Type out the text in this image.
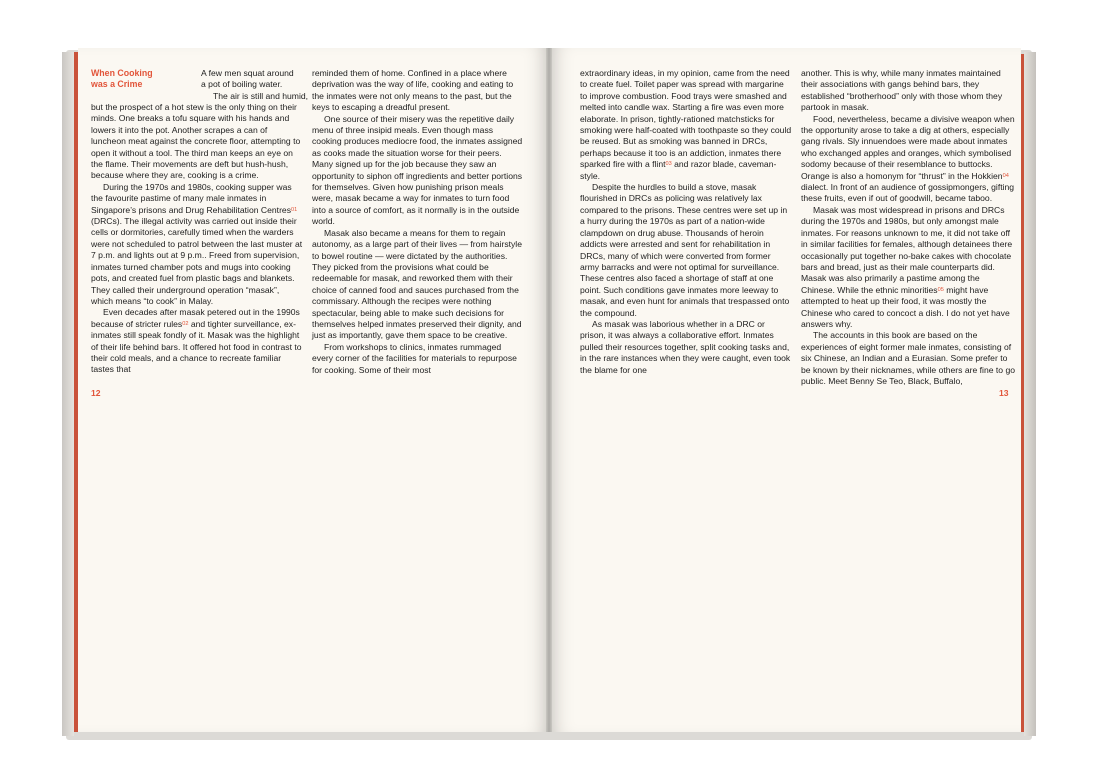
When Cooking
was a Crime
A few men squat around
a pot of boiling water.
The air is still and humid,

but the prospect of a hot stew is the only thing on their minds. One breaks a tofu square with his hands and lowers it into the pot. Another scrapes a can of luncheon meat against the concrete floor, attempting to open it without a tool. The third man keeps an eye on the flame. Their movements are deft but hush-hush, because where they are, cooking is a crime.

During the 1970s and 1980s, cooking supper was the favourite pastime of many male inmates in Singapore’s prisons and Drug Rehabilitation Centres$^{01}$ (DRCs). The illegal activity was carried out inside their cells or dormitories, carefully timed when the warders were not scheduled to patrol between the last muster at 7 p.m. and lights out at 9 p.m.. Freed from supervision, inmates turned chamber pots and mugs into cooking pots, and created fuel from plastic bags and blankets. They called their underground operation “masak”, which means “to cook” in Malay.

Even decades after masak petered out in the 1990s because of stricter rules$^{02}$ and tighter surveillance, ex-inmates still speak fondly of it. Masak was the highlight of their life behind bars. It offered hot food in contrast to their cold meals, and a chance to recreate familiar tastes that

reminded them of home. Confined in a place where deprivation was the way of life, cooking and eating to the inmates were not only means to the past, but the keys to escaping a dreadful present.

One source of their misery was the repetitive daily menu of three insipid meals. Even though mass cooking produces mediocre food, the inmates assigned as cooks made the situation worse for their peers. Many signed up for the job because they saw an opportunity to siphon off ingredients and better portions for themselves. Given how punishing prison meals were, masak became a way for inmates to turn food into a source of comfort, as it normally is in the outside world.

Masak also became a means for them to regain autonomy, as a large part of their lives — from hairstyle to bowel routine — were dictated by the authorities. They picked from the provisions what could be redeemable for masak, and reworked them with their choice of canned food and sauces purchased from the commissary. Although the recipes were nothing spectacular, being able to make such decisions for themselves helped inmates preserved their dignity, and just as importantly, gave them space to be creative.

From workshops to clinics, inmates rummaged every corner of the facilities for materials to repurpose for cooking. Some of their most

12

extraordinary ideas, in my opinion, came from the need to create fuel. Toilet paper was spread with margarine to improve combustion. Food trays were smashed and melted into candle wax. Starting a fire was even more elaborate. In prison, tightly-rationed matchsticks for smoking were half-coated with toothpaste so they could be reused. But as smoking was banned in DRCs, perhaps because it too is an addiction, inmates there sparked fire with a flint$^{03}$ and razor blade, caveman-style.

Despite the hurdles to build a stove, masak flourished in DRCs as policing was relatively lax compared to the prisons. These centres were set up in a hurry during the 1970s as part of a nation-wide clampdown on drug abuse. Thousands of heroin addicts were arrested and sent for rehabilitation in DRCs, many of which were converted from former army barracks and were not optimal for surveillance. These centres also faced a shortage of staff at one point. Such conditions gave inmates more leeway to masak, and even hunt for animals that trespassed onto the compound.

As masak was laborious whether in a DRC or prison, it was always a collaborative effort. Inmates pulled their resources together, split cooking tasks and, in the rare instances when they were caught, even took the blame for one

another. This is why, while many inmates maintained their associations with gangs behind bars, they established “brotherhood” only with those whom they partook in masak.

Food, nevertheless, became a divisive weapon when the opportunity arose to take a dig at others, especially gang rivals. Sly innuendoes were made about inmates who exchanged apples and oranges, which symbolised sodomy because of their resemblance to buttocks. Orange is also a homonym for “thrust” in the Hokkien$^{04}$ dialect. In front of an audience of gossipmongers, gifting these fruits, even if out of goodwill, became taboo.

Masak was most widespread in prisons and DRCs during the 1970s and 1980s, but only amongst male inmates. For reasons unknown to me, it did not take off in similar facilities for females, although detainees there occasionally put together no-bake cakes with chocolate bars and bread, just as their male counterparts did. Masak was also primarily a pastime among the Chinese. While the ethnic minorities$^{05}$ might have attempted to heat up their food, it was mostly the Chinese who cared to concoct a dish. I do not yet have answers why.

The accounts in this book are based on the experiences of eight former male inmates, consisting of six Chinese, an Indian and a Eurasian. Some prefer to be known by their nicknames, while others are fine to go public. Meet Benny Se Teo, Black, Buffalo,

13
